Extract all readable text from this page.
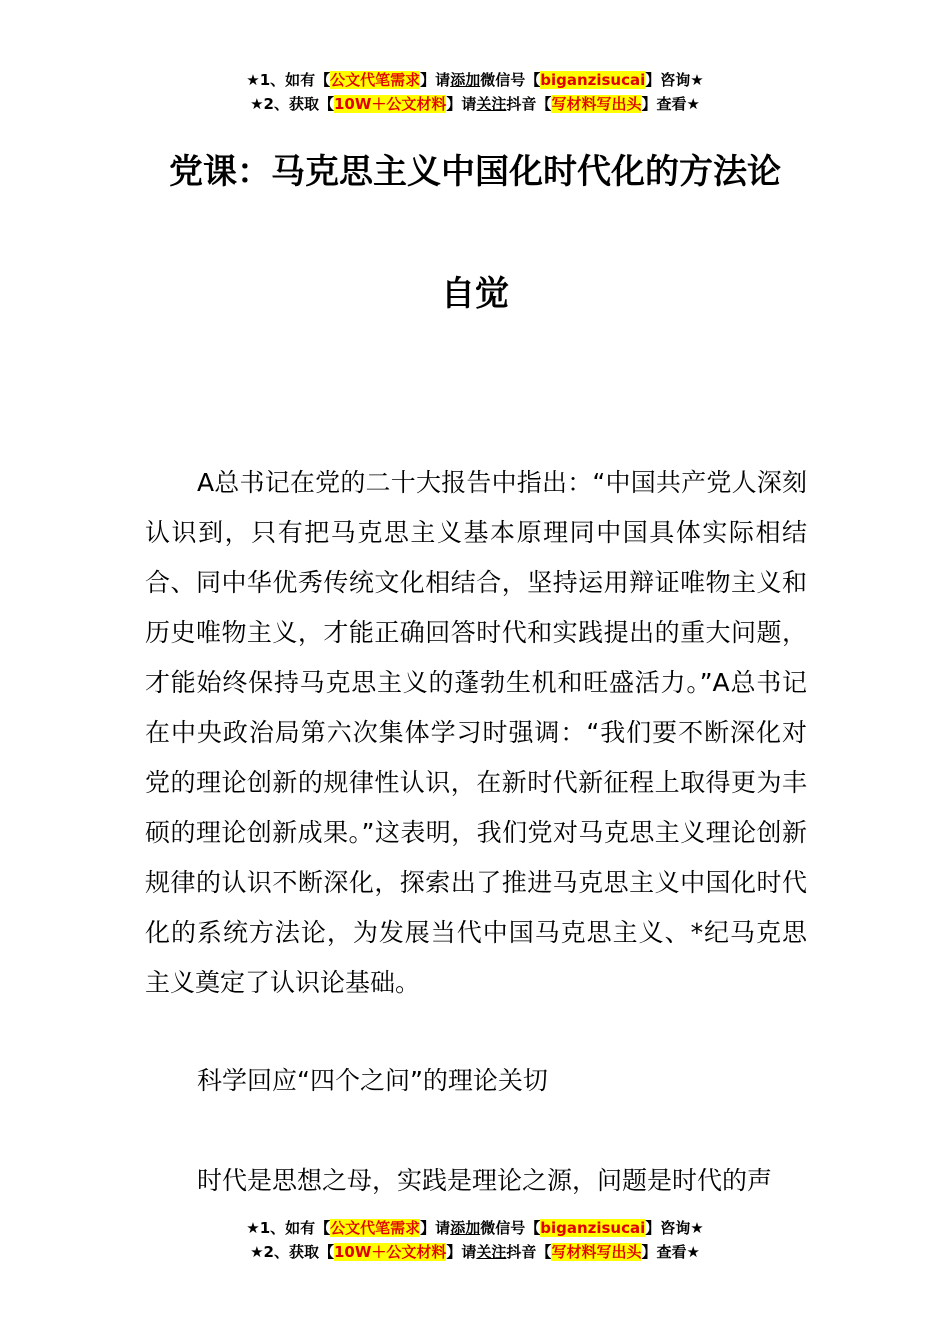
★1、如有【公文代笔需求】请添加微信号【biganzisucai】咨询★
★2、获取【10W＋公文材料】请关注抖音【写材料写出头】查看★
党课：马克思主义中国化时代化的方法论
自觉
A总书记在党的二十大报告中指出：“中国共产党人深刻认识到，只有把马克思主义基本原理同中国具体实际相结合、同中华优秀传统文化相结合，坚持运用辩证唯物主义和历史唯物主义，才能正确回答时代和实践提出的重大问题，才能始终保持马克思主义的蓬勃生机和旺盛活力。”A总书记在中央政治局第六次集体学习时强调：“我们要不断深化对党的理论创新的规律性认识，在新时代新征程上取得更为丰硕的理论创新成果。”这表明，我们党对马克思主义理论创新规律的认识不断深化，探索出了推进马克思主义中国化时代化的系统方法论，为发展当代中国马克思主义、*纪马克思主义奠定了认识论基础。
科学回应“四个之问”的理论关切
时代是思想之母，实践是理论之源，问题是时代的声
★1、如有【公文代笔需求】请添加微信号【biganzisucai】咨询★
★2、获取【10W＋公文材料】请关注抖音【写材料写出头】查看★
